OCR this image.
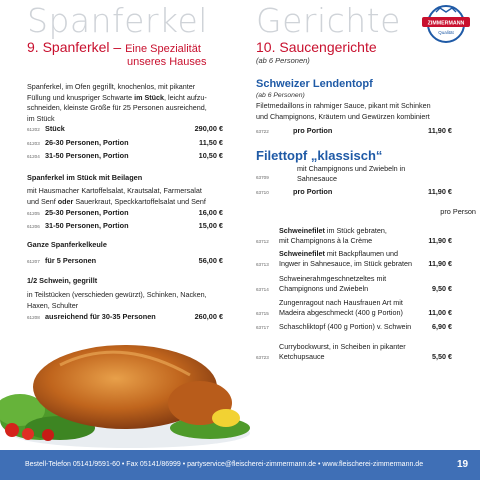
Spanferkel
9. Spanferkel – Eine Spezialität
unseres Hauses
Spanferkel, im Ofen gegrillt, knochenlos, mit pikanter
Füllung und knuspriger Schwarte im Stück, leicht aufzu-
schneiden, kleinste Größe für 25 Personen ausreichend,
im Stück
61202 Stück	290,00 €
61203 26-30 Personen, Portion	11,50 €
61204 31-50 Personen, Portion	10,50 €
Spanferkel im Stück mit Beilagen
mit Hausmacher Kartoffelsalat, Krautsalat, Farmersalat
und Senf oder Sauerkraut, Speckkartoffelsalat und Senf
61205 25-30 Personen, Portion	16,00 €
61206 31-50 Personen, Portion	15,00 €
Ganze Spanferkelkeule
61207 für 5 Personen	56,00 €
1/2 Schwein, gegrillt
in Teilstücken (verschieden gewürzt), Schinken, Nacken,
Haxen, Schulter
61208 ausreichend für 30-35 Personen	260,00 €
Gerichte
10. Saucengerichte
(ab 6 Personen)
Schweizer Lendentopf
(ab 6 Personen)
Filetmedaillons in rahmiger Sauce, pikant mit Schinken
und Champignons, Kräutern und Gewürzen kombiniert
63722	pro Portion	11,90 €
Filettopf „klassisch“
63709
mit Champignons und Zwiebeln in
Sahnesauce
63710	pro Portion	11,90 €
pro Person
63712
Schweinefilet im Stück gebraten,
mit Champignons à la Crème	11,90 €
63713
Schweinefilet mit Backpflaumen und
Ingwer in Sahnesauce, im Stück gebraten 11,90 €
63714
Schweinerahmgeschnetzeltes mit
Champignons und Zwiebeln	9,50 €
63715
Zungenragout nach Hausfrauen Art mit
Madeira abgeschmeckt (400 g Portion)	11,00 €
63717 Schaschliktopf (400 g Portion) v. Schwein	6,90 €
63723
Currybockwurst, in Scheiben in pikanter
Ketchupsauce	5,50 €
ZIMMERMANN
Qualität
Bestell-Telefon 05141/9591-60 • Fax 05141/86999 • partyservice@fleischerei-zimmermann.de • www.fleischerei-zimmermann.de	19
